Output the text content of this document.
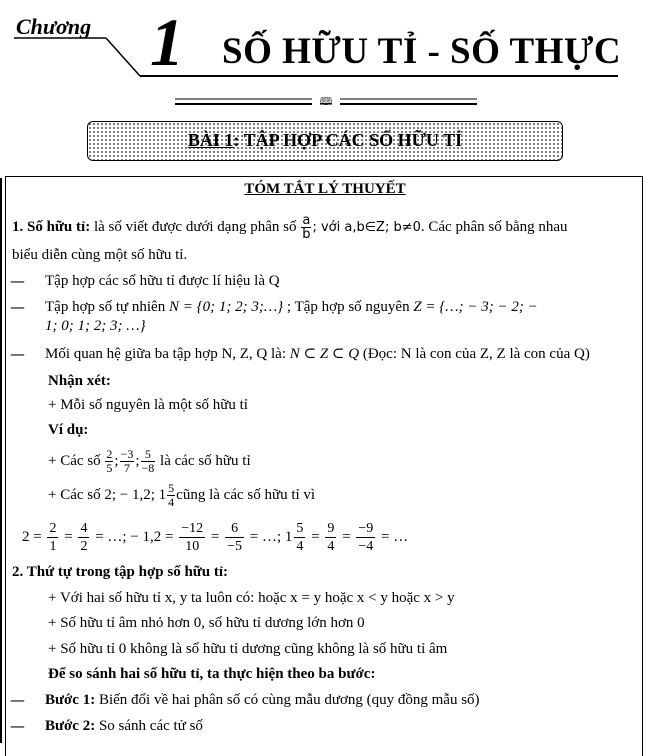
Chương 1 SỐ HỮU TỈ - SỐ THỰC
🕮
BÀI 1: TẬP HỢP CÁC SỐ HỮU TỈ
TÓM TẮT LÝ THUYẾT
1. Số hữu tỉ: là số viết được dưới dạng phân số $\frac{a}{b}$ ; với a,b∈Z; b≠0. Các phân số bằng nhau
biểu diễn cùng một số hữu tỉ.
— Tập hợp các số hữu tỉ được lí hiệu là Q
— Tập hợp số tự nhiên N = {0; 1; 2; 3;…} ; Tập hợp số nguyên Z = {…; − 3; − 2; −
1; 0; 1; 2; 3; …}
— Mối quan hệ giữa ba tập hợp N, Z, Q là: N ⊂ Z ⊂ Q (Đọc: N là con của Z, Z là con của Q)
Nhận xét:
+ Mỗi số nguyên là một số hữu tỉ
Ví dụ:
+ Các số $\frac{2}{5}$ ; $\frac{-3}{7}$ ; $\frac{5}{-8}$ là các số hữu tỉ
+ Các số 2; − 1,2; $1 \frac{5}{4}$ cũng là các số hữu tỉ vì
$2 = \frac{2}{1} = \frac{4}{2}$ = …; − $1,2 = \frac{-12}{10} = \frac{6}{-5}$ = …; $1 \frac{5}{4} = \frac{9}{4} = \frac{-9}{-4}$ = …
2. Thứ tự trong tập hợp số hữu tỉ:
+ Với hai số hữu tỉ x, y ta luôn có: hoặc x = y hoặc x < y hoặc x > y
+ Số hữu tỉ âm nhỏ hơn 0, số hữu tỉ dương lớn hơn 0
+ Số hữu tỉ 0 không là số hữu tỉ dương cũng không là số hữu tỉ âm
Để so sánh hai số hữu tỉ, ta thực hiện theo ba bước:
— Bước 1: Biến đổi về hai phân số có cùng mẫu dương (quy đồng mẫu số)
— Bước 2: So sánh các tử số
